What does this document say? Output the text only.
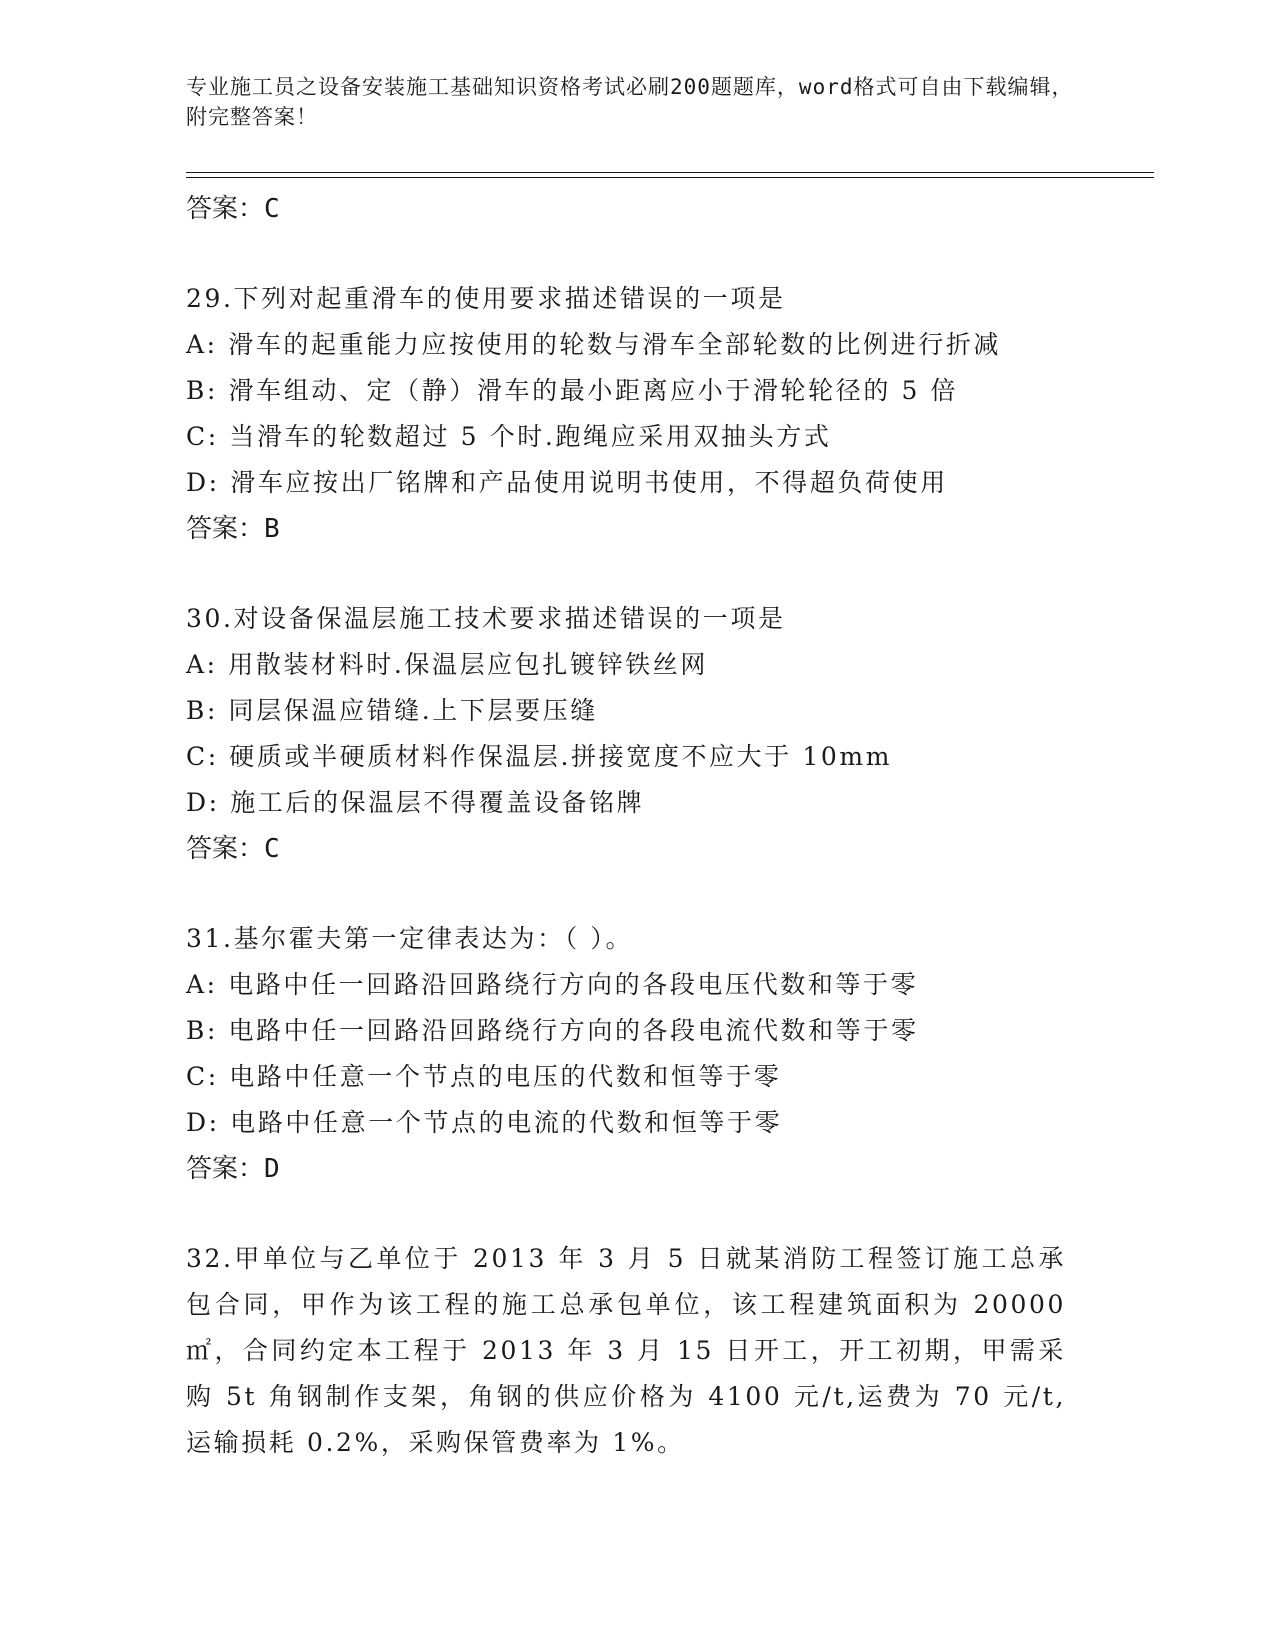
专业施工员之设备安装施工基础知识资格考试必刷200题题库，word格式可自由下载编辑，附完整答案！
答案：C
29.下列对起重滑车的使用要求描述错误的一项是
A: 滑车的起重能力应按使用的轮数与滑车全部轮数的比例进行折减
B: 滑车组动、定（静）滑车的最小距离应小于滑轮轮径的 5 倍
C: 当滑车的轮数超过 5 个时.跑绳应采用双抽头方式
D: 滑车应按出厂铭牌和产品使用说明书使用，不得超负荷使用
答案：B
30.对设备保温层施工技术要求描述错误的一项是
A: 用散装材料时.保温层应包扎镀锌铁丝网
B: 同层保温应错缝.上下层要压缝
C: 硬质或半硬质材料作保温层.拼接宽度不应大于 10mm
D: 施工后的保温层不得覆盖设备铭牌
答案：C
31.基尔霍夫第一定律表达为：（ ）。
A: 电路中任一回路沿回路绕行方向的各段电压代数和等于零
B: 电路中任一回路沿回路绕行方向的各段电流代数和等于零
C: 电路中任意一个节点的电压的代数和恒等于零
D: 电路中任意一个节点的电流的代数和恒等于零
答案：D
32.甲单位与乙单位于 2013 年 3 月 5 日就某消防工程签订施工总承包合同，甲作为该工程的施工总承包单位，该工程建筑面积为 20000㎡，合同约定本工程于 2013 年 3 月 15 日开工，开工初期，甲需采购 5t 角钢制作支架，角钢的供应价格为 4100 元/t,运费为 70 元/t,运输损耗 0.2%，采购保管费率为 1%。
